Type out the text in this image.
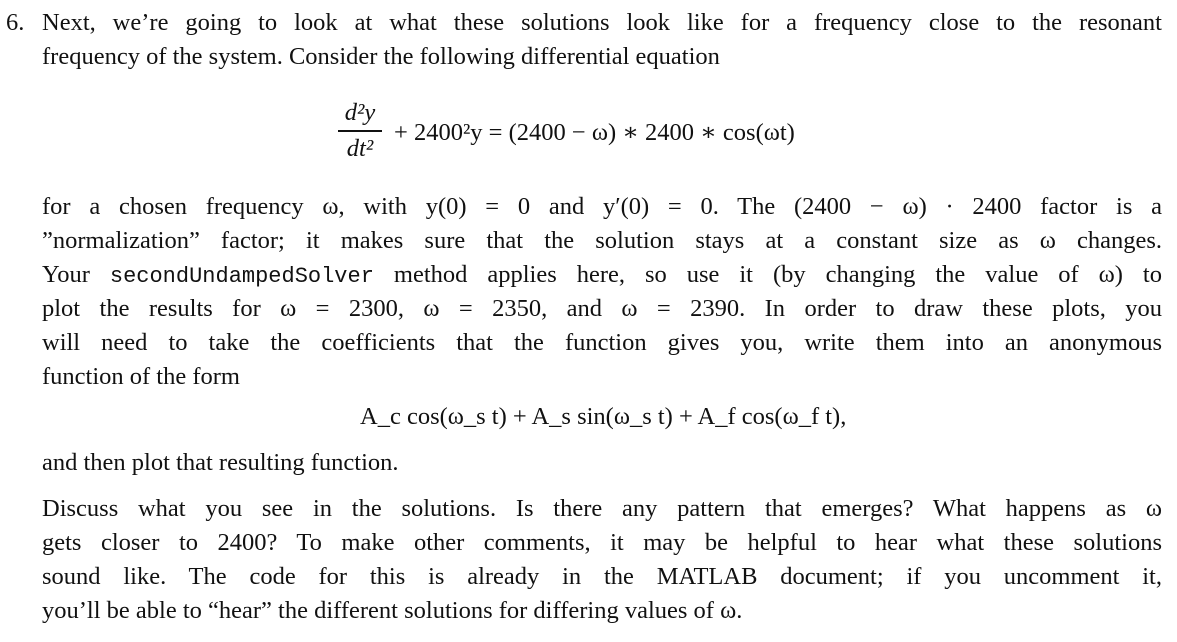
6. Next, we’re going to look at what these solutions look like for a frequency close to the resonant
frequency of the system. Consider the following differential equation
d²y
dt²
+ 2400²y = (2400 − ω) ∗ 2400 ∗ cos(ωt)
for a chosen frequency ω, with y(0) = 0 and y′(0) = 0. The (2400 − ω) · 2400 factor is a
”normalization” factor; it makes sure that the solution stays at a constant size as ω changes.
Your secondUndampedSolver method applies here, so use it (by changing the value of ω) to
plot the results for ω = 2300, ω = 2350, and ω = 2390. In order to draw these plots, you
will need to take the coefficients that the function gives you, write them into an anonymous
function of the form
A_c cos(ω_s t) + A_s sin(ω_s t) + A_f cos(ω_f t),
and then plot that resulting function.
Discuss what you see in the solutions. Is there any pattern that emerges? What happens as ω
gets closer to 2400? To make other comments, it may be helpful to hear what these solutions
sound like. The code for this is already in the MATLAB document; if you uncomment it,
you’ll be able to “hear” the different solutions for differing values of ω.
